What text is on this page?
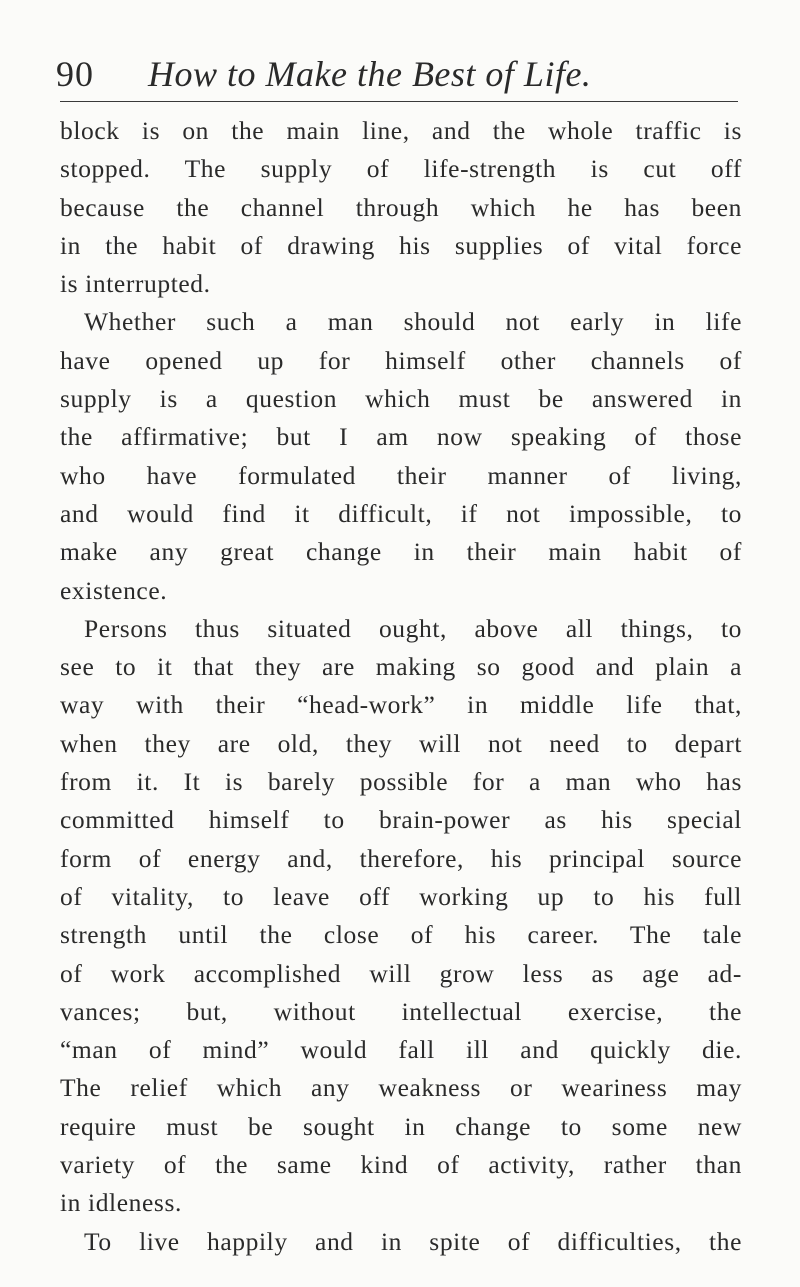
90 How to Make the Best of Life.
block is on the main line, and the whole traffic is
stopped. The supply of life-strength is cut off
because the channel through which he has been
in the habit of drawing his supplies of vital force
is interrupted.
Whether such a man should not early in life
have opened up for himself other channels of
supply is a question which must be answered in
the affirmative; but I am now speaking of those
who have formulated their manner of living,
and would find it difficult, if not impossible, to
make any great change in their main habit of
existence.
Persons thus situated ought, above all things, to
see to it that they are making so good and plain a
way with their “head-work” in middle life that,
when they are old, they will not need to depart
from it. It is barely possible for a man who has
committed himself to brain-power as his special
form of energy and, therefore, his principal source
of vitality, to leave off working up to his full
strength until the close of his career. The tale
of work accomplished will grow less as age ad-
vances; but, without intellectual exercise, the
“man of mind” would fall ill and quickly die.
The relief which any weakness or weariness may
require must be sought in change to some new
variety of the same kind of activity, rather than
in idleness.
To live happily and in spite of difficulties, the
